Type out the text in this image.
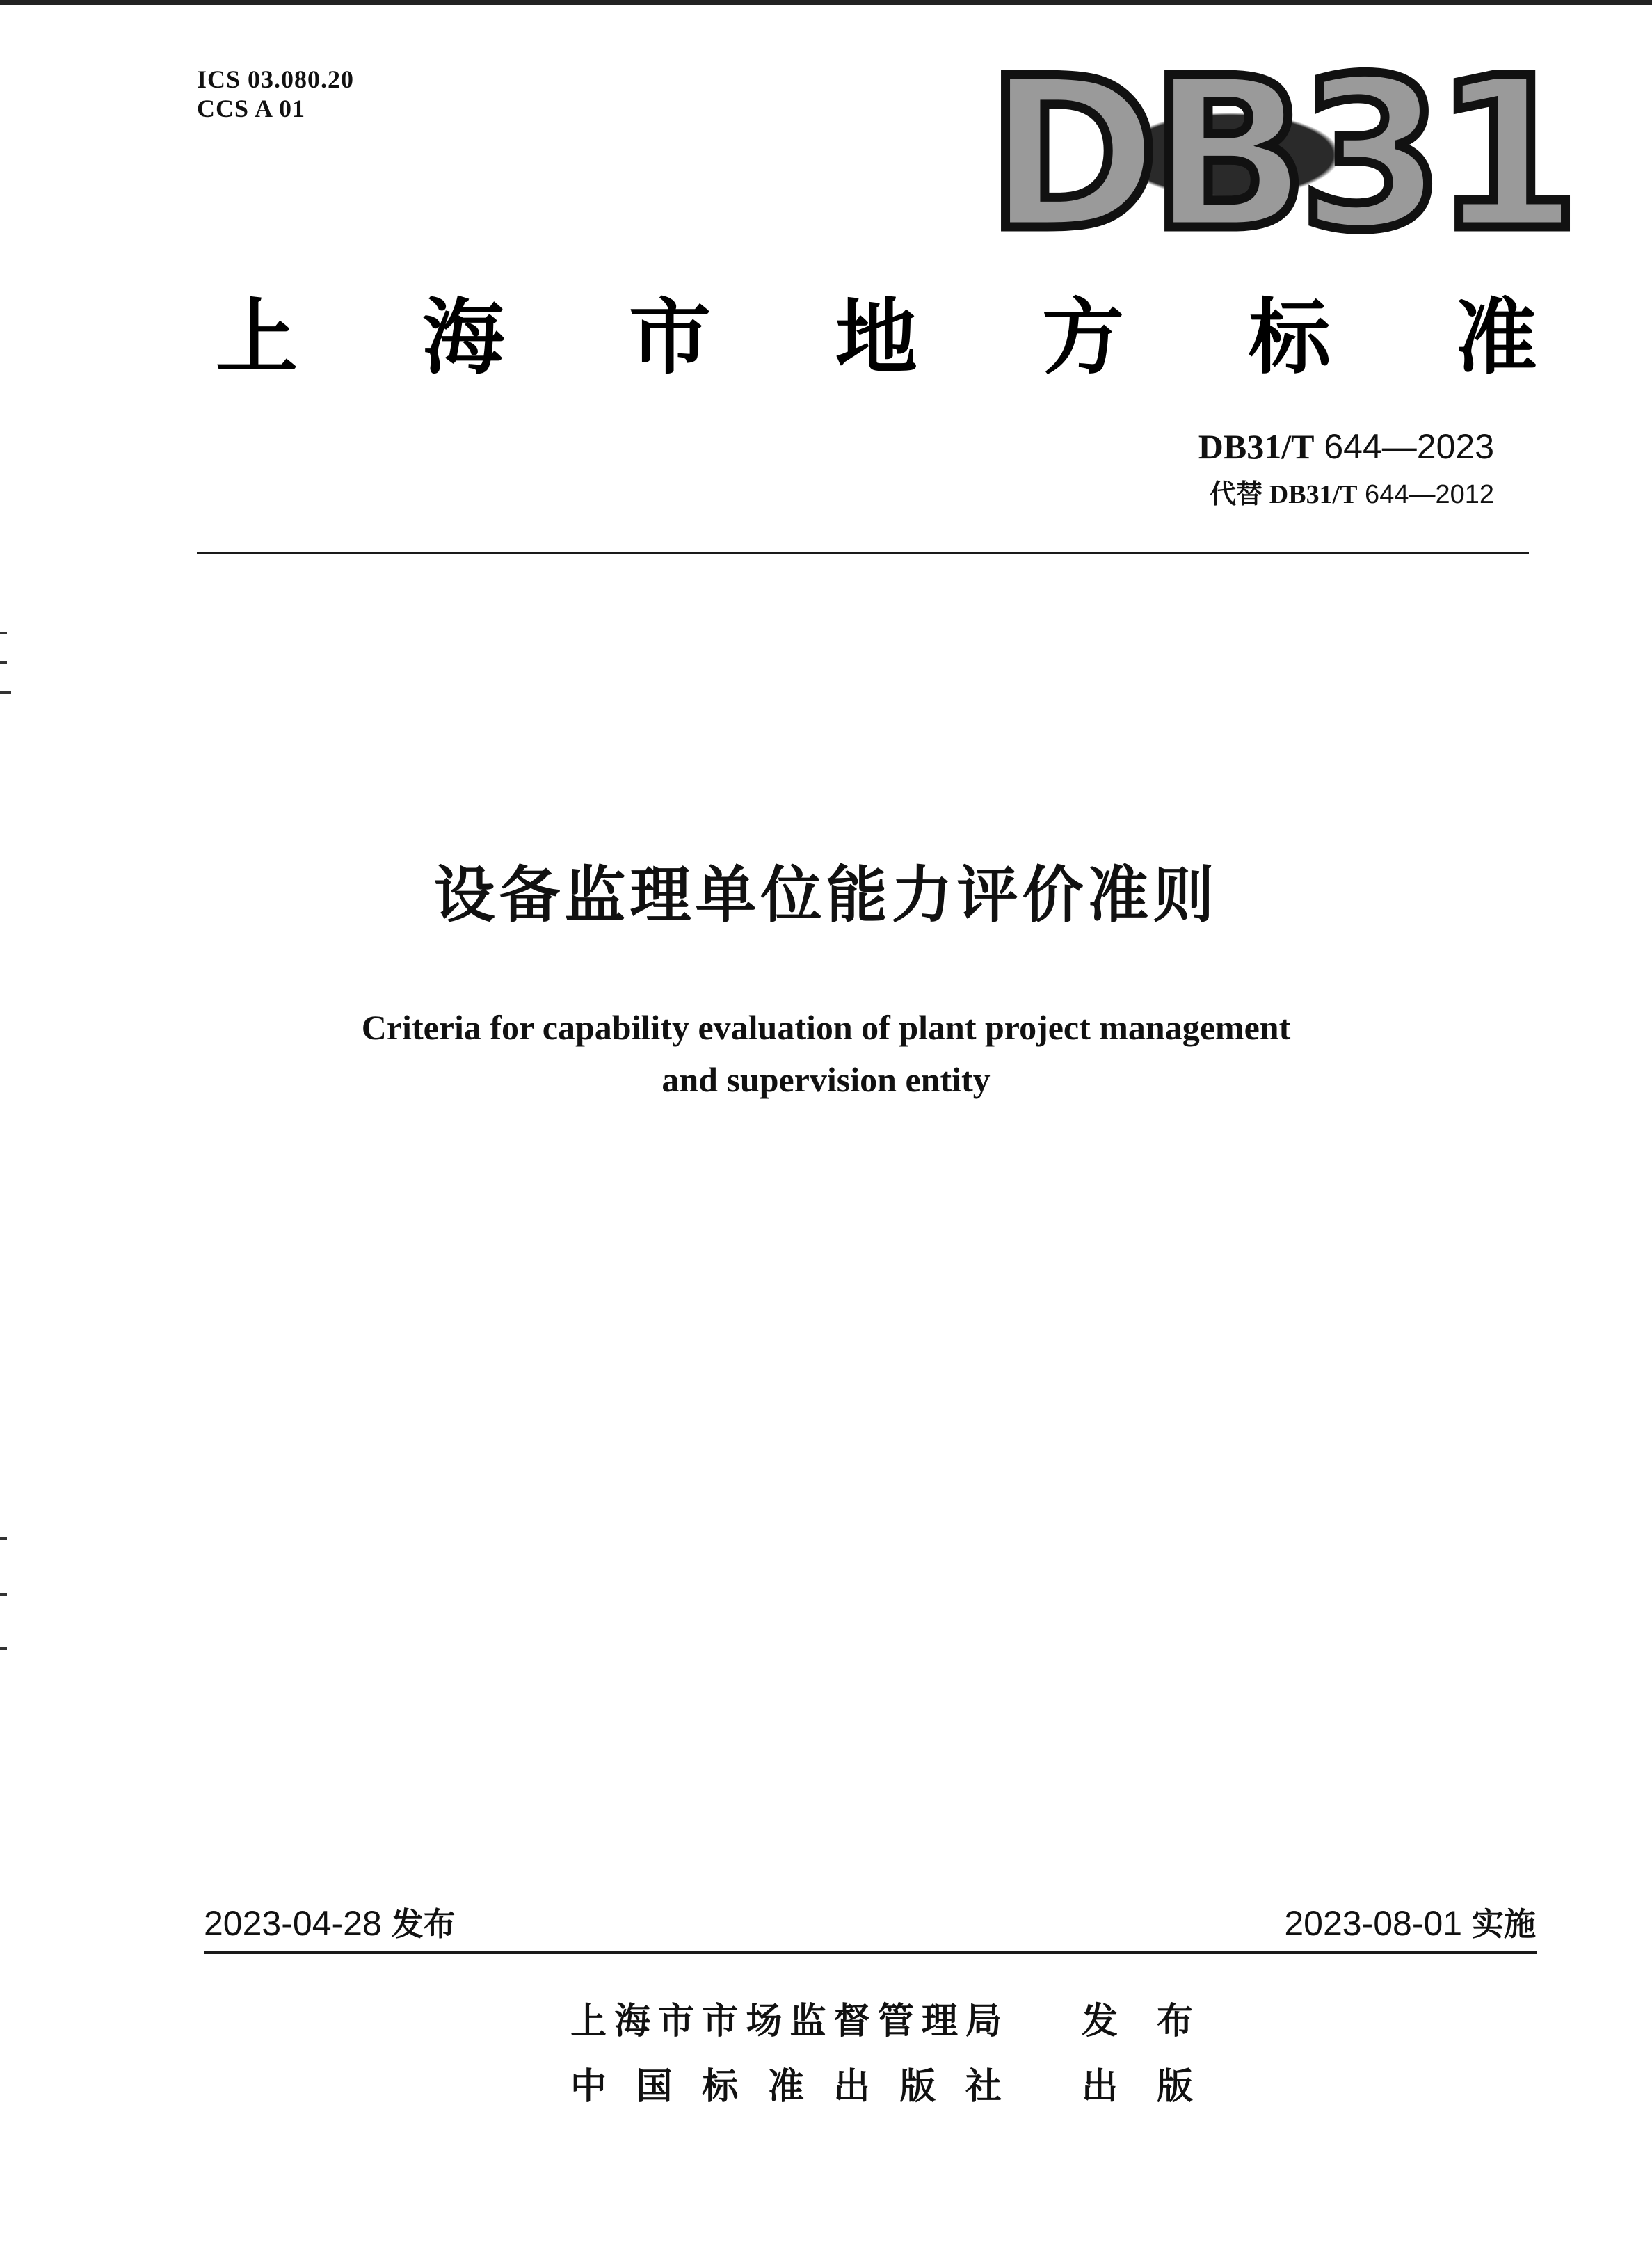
ICS 03.080.20
CCS A 01	DB31
上 海 市 地 方 标 准
DB31/T 644—2023
代替 DB31/T 644—2012
设备监理单位能力评价准则
Criteria for capability evaluation of plant project management
and supervision entity
2023-04-28 发布	2023-08-01 实施
上 海 市 市 场 监 督 管 理 局 发 布
中 国 标 准 出 版 社 出 版
